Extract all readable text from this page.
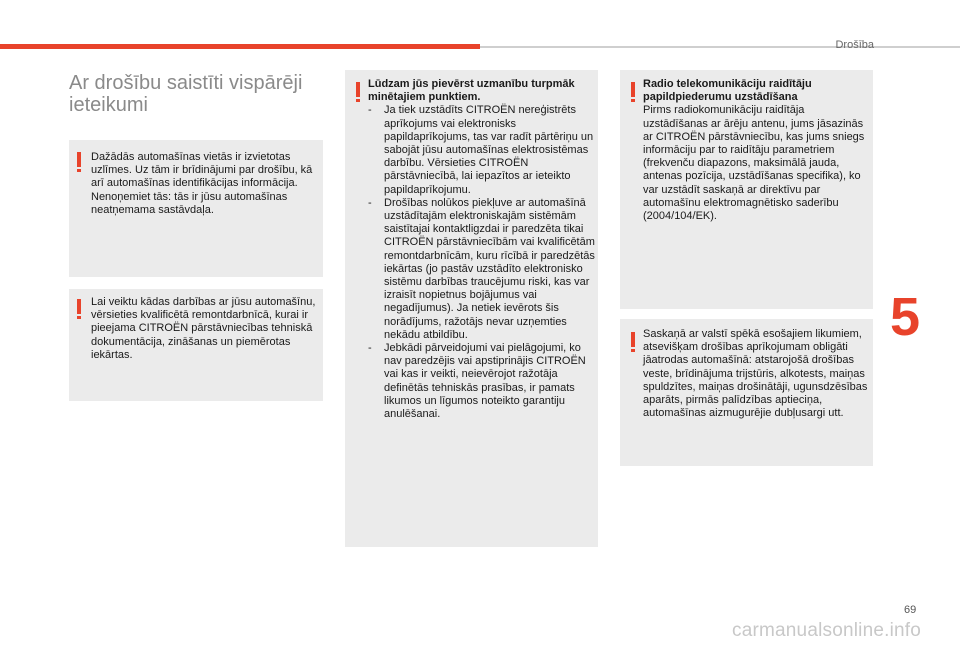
Drošība
Ar drošību saistīti vispārēji ieteikumi
Dažādās automašīnas vietās ir izvietotas uzlīmes. Uz tām ir brīdinājumi par drošību, kā arī automašīnas identifikācijas informācija. Nenoņemiet tās: tās ir jūsu automašīnas neatņemama sastāvdaļa.
Lai veiktu kādas darbības ar jūsu automašīnu, vērsieties kvalificētā remontdarbnīcā, kurai ir pieejama CITROËN pārstāvniecības tehniskā dokumentācija, zināšanas un piemērotas iekārtas.
Lūdzam jūs pievērst uzmanību turpmāk minētajiem punktiem.
- Ja tiek uzstādīts CITROËN nereģistrēts aprīkojums vai elektronisks papildaprīkojums, tas var radīt pārtēriņu un sabojāt jūsu automašīnas elektrosistēmas darbību. Vērsieties CITROËN pārstāvniecībā, lai iepazītos ar ieteikto papildaprīkojumu.
- Drošības nolūkos piekļuve ar automašīnā uzstādītajām elektroniskajām sistēmām saistītajai kontaktligzdai ir paredzēta tikai CITROËN pārstāvniecībām vai kvalificētām remontdarbnīcām, kuru rīcībā ir paredzētās iekārtas (jo pastāv uzstādīto elektronisko sistēmu darbības traucējumu riski, kas var izraisīt nopietnus bojājumus vai negadījumus). Ja netiek ievērots šis norādījums, ražotājs nevar uzņemties nekādu atbildību.
- Jebkādi pārveidojumi vai pielāgojumi, ko nav paredzējis vai apstiprinājis CITROËN vai kas ir veikti, neievērojot ražotāja definētās tehniskās prasības, ir pamats likumos un līgumos noteikto garantiju anulēšanai.
Radio telekomunikāciju raidītāju papildpiederumu uzstādīšana
Pirms radiokomunikāciju raidītāja uzstādīšanas ar ārēju antenu, jums jāsazinās ar CITROËN pārstāvniecību, kas jums sniegs informāciju par to raidītāju parametriem (frekvenču diapazons, maksimālā jauda, antenas pozīcija, uzstādīšanas specifika), ko var uzstādīt saskaņā ar direktīvu par automašīnu elektromagnētisko saderību (2004/104/EK).
Saskaņā ar valstī spēkā esošajiem likumiem, atsevišķam drošības aprīkojumam obligāti jāatrodas automašīnā: atstarojošā drošības veste, brīdinājuma trijstūris, alkotests, maiņas spuldzītes, maiņas drošinātāji, ugunsdzēsības aparāts, pirmās palīdzības aptieciņa, automašīnas aizmugurējie dubļusargi utt.
5
69
carmanualsonline.info
